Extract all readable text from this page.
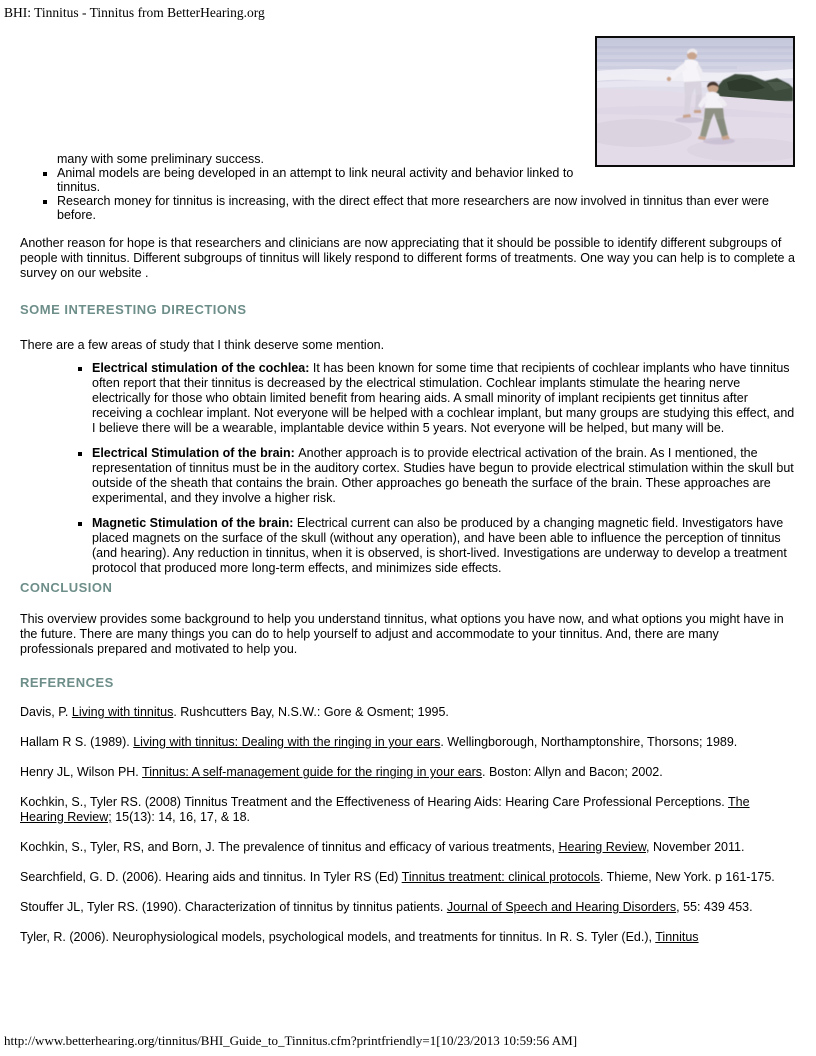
BHI: Tinnitus - Tinnitus from BetterHearing.org
many with some preliminary success.
▪ Animal models are being developed in an attempt to link neural activity and behavior linked to tinnitus.
▪ Research money for tinnitus is increasing, with the direct effect that more researchers are now involved in tinnitus than ever were before.

Another reason for hope is that researchers and clinicians are now appreciating that it should be possible to identify different subgroups of people with tinnitus. Different subgroups of tinnitus will likely respond to different forms of treatments. One way you can help is to complete a survey on our website .

SOME INTERESTING DIRECTIONS

There are a few areas of study that I think deserve some mention.

▪ Electrical stimulation of the cochlea: It has been known for some time that recipients of cochlear implants who have tinnitus often report that their tinnitus is decreased by the electrical stimulation. Cochlear implants stimulate the hearing nerve electrically for those who obtain limited benefit from hearing aids. A small minority of implant recipients get tinnitus after receiving a cochlear implant. Not everyone will be helped with a cochlear implant, but many groups are studying this effect, and I believe there will be a wearable, implantable device within 5 years. Not everyone will be helped, but many will be.
▪ Electrical Stimulation of the brain: Another approach is to provide electrical activation of the brain. As I mentioned, the representation of tinnitus must be in the auditory cortex. Studies have begun to provide electrical stimulation within the skull but outside of the sheath that contains the brain. Other approaches go beneath the surface of the brain. These approaches are experimental, and they involve a higher risk.
▪ Magnetic Stimulation of the brain: Electrical current can also be produced by a changing magnetic field. Investigators have placed magnets on the surface of the skull (without any operation), and have been able to influence the perception of tinnitus (and hearing). Any reduction in tinnitus, when it is observed, is short-lived. Investigations are underway to develop a treatment protocol that produced more long-term effects, and minimizes side effects.
CONCLUSION

This overview provides some background to help you understand tinnitus, what options you have now, and what options you might have in the future. There are many things you can do to help yourself to adjust and accommodate to your tinnitus. And, there are many professionals prepared and motivated to help you.

REFERENCES

Davis, P. Living with tinnitus. Rushcutters Bay, N.S.W.: Gore & Osment; 1995.

Hallam R S. (1989). Living with tinnitus: Dealing with the ringing in your ears. Wellingborough, Northamptonshire, Thorsons; 1989.

Henry JL, Wilson PH. Tinnitus: A self-management guide for the ringing in your ears. Boston: Allyn and Bacon; 2002.

Kochkin, S., Tyler RS. (2008) Tinnitus Treatment and the Effectiveness of Hearing Aids: Hearing Care Professional Perceptions. The Hearing Review; 15(13): 14, 16, 17, & 18.

Kochkin, S., Tyler, RS, and Born, J. The prevalence of tinnitus and efficacy of various treatments, Hearing Review, November 2011.

Searchfield, G. D. (2006). Hearing aids and tinnitus. In Tyler RS (Ed) Tinnitus treatment: clinical protocols. Thieme, New York. p 161-175.

Stouffer JL, Tyler RS. (1990). Characterization of tinnitus by tinnitus patients. Journal of Speech and Hearing Disorders, 55: 439 453.

Tyler, R. (2006). Neurophysiological models, psychological models, and treatments for tinnitus. In R. S. Tyler (Ed.), Tinnitus

http://www.betterhearing.org/tinnitus/BHI_Guide_to_Tinnitus.cfm?printfriendly=1[10/23/2013 10:59:56 AM]
